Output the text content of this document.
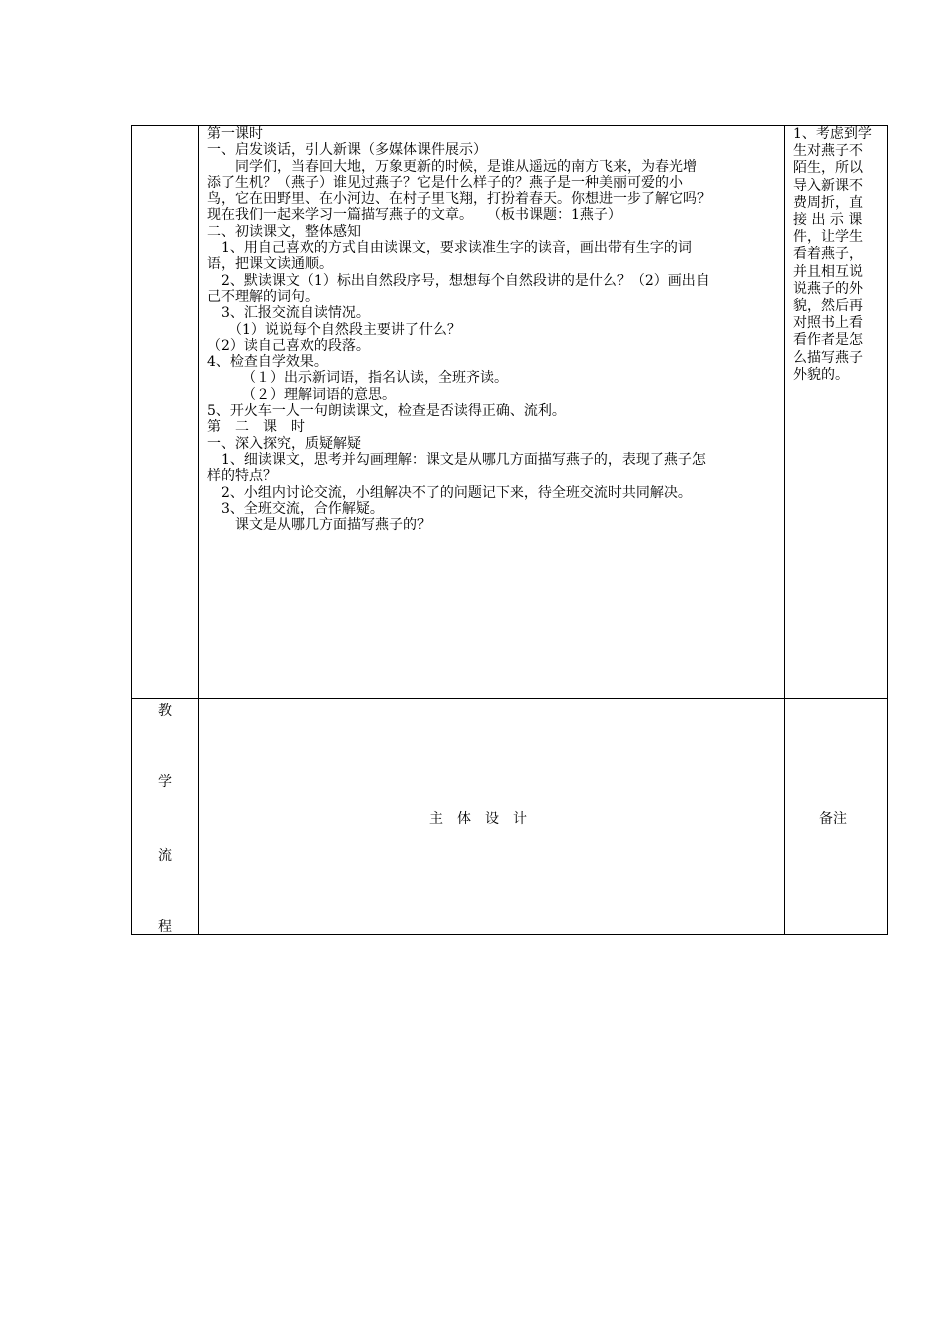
第一课时
一、启发谈话，引人新课（多媒体课件展示）
　　同学们，当春回大地，万象更新的时候，是谁从遥远的南方飞来，为春光增
添了生机？（燕子）谁见过燕子？它是什么样子的？燕子是一种美丽可爱的小
鸟，它在田野里、在小河边、在村子里飞翔，打扮着春天。你想进一步了解它吗？
现在我们一起来学习一篇描写燕子的文章。　　（板书课题：1燕子）
二、初读课文，整体感知
　1、用自己喜欢的方式自由读课文，要求读准生字的读音，画出带有生字的词
语，把课文读通顺。
　2、默读课文（1）标出自然段序号，想想每个自然段讲的是什么？（2）画出自
己不理解的词句。
　3、汇报交流自读情况。
　　（1）说说每个自然段主要讲了什么？
（2）读自己喜欢的段落。
4、检查自学效果。
　　　（１）出示新词语，指名认读，全班齐读。
　　　（２）理解词语的意思。
5、开火车一人一句朗读课文，检查是否读得正确、流利。
第　二　课　时
一、深入探究，质疑解疑
　1、细读课文，思考并勾画理解：课文是从哪几方面描写燕子的，表现了燕子怎
样的特点？
　2、小组内讨论交流，小组解决不了的问题记下来，待全班交流时共同解决。
　3、全班交流，合作解疑。
　　课文是从哪几方面描写燕子的？
1、考虑到学
生对燕子不
陌生，所以
导入新课不
费周折，直
接 出 示 课
件，让学生
看着燕子，
并且相互说
说燕子的外
貌，然后再
对照书上看
看作者是怎
么描写燕子
外貌的。
教
学
流
程
主　体　设　计	备注
